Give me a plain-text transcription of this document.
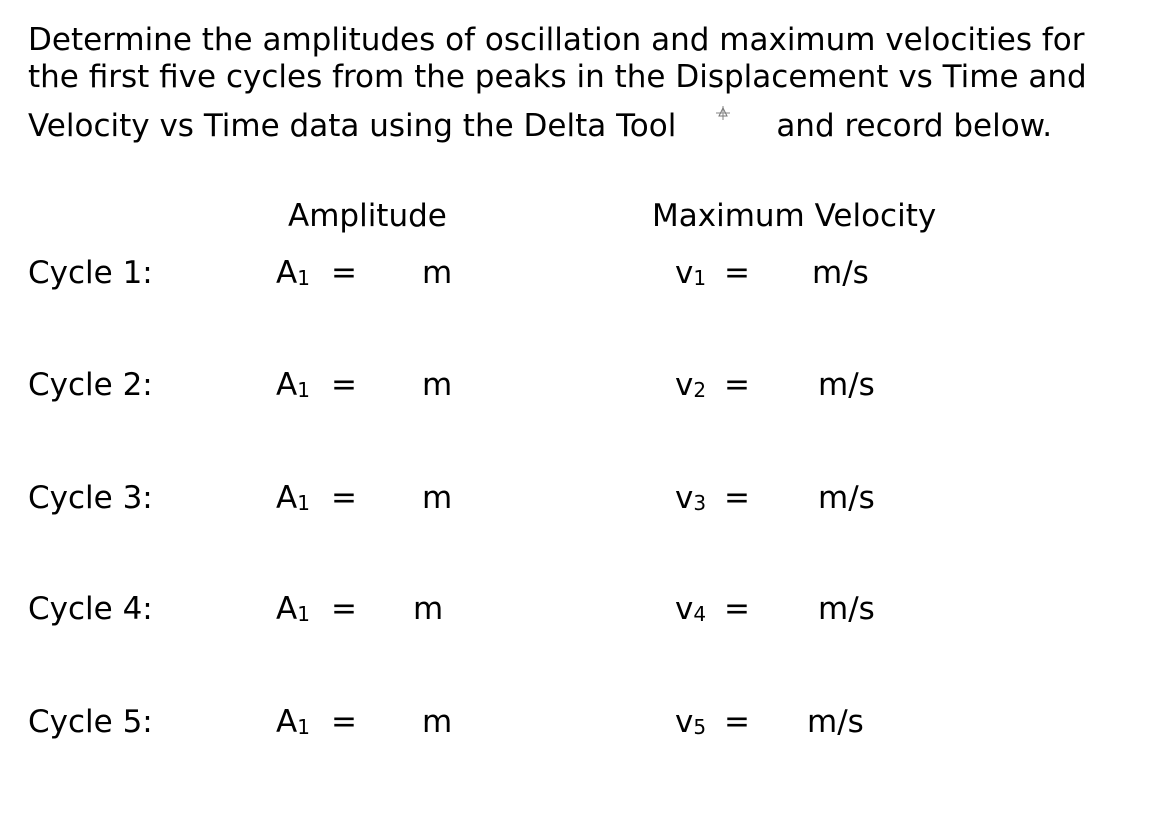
Determine the amplitudes of oscillation and maximum velocities for
the first five cycles from the peaks in the Displacement vs Time and
Velocity vs Time data using the Delta Tool	and record below.
Amplitude	Maximum Velocity
Cycle 1:	$A_1 = m$	$v_1 = m/s$
Cycle 2:	$A_1 = m$	$v_2 = m/s$
Cycle 3:	$A_1 = m$	$v_3 = m/s$
Cycle 4:	$A_1 = m$	$v_4 = m/s$
Cycle 5:	$A_1 = m$	$v_5 = m/s$
